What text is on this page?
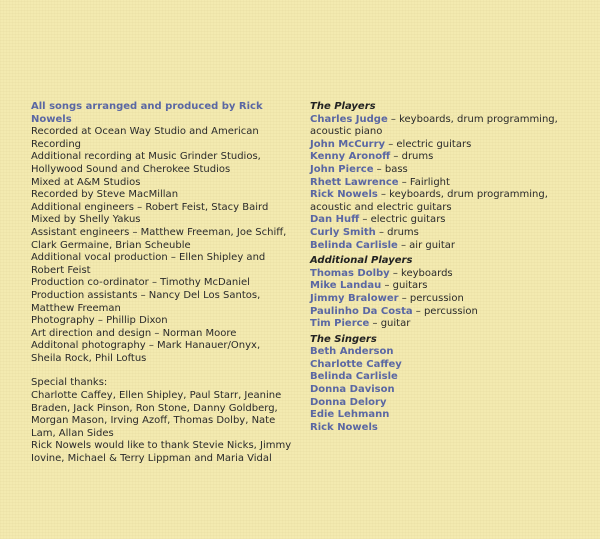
All songs arranged and produced by Rick Nowels
Recorded at Ocean Way Studio and American Recording
Additional recording at Music Grinder Studios, Hollywood Sound and Cherokee Studios
Mixed at A&M Studios
Recorded by Steve MacMillan
Additional engineers – Robert Feist, Stacy Baird
Mixed by Shelly Yakus
Assistant engineers – Matthew Freeman, Joe Schiff, Clark Germaine, Brian Scheuble
Additional vocal production – Ellen Shipley and Robert Feist
Production co-ordinator – Timothy McDaniel
Production assistants – Nancy Del Los Santos, Matthew Freeman
Photography – Phillip Dixon
Art direction and design – Norman Moore
Additonal photography – Mark Hanauer/Onyx, Sheila Rock, Phil Loftus
Special thanks:
Charlotte Caffey, Ellen Shipley, Paul Starr, Jeanine Braden, Jack Pinson, Ron Stone, Danny Goldberg, Morgan Mason, Irving Azoff, Thomas Dolby, Nate Lam, Allan Sides
Rick Nowels would like to thank Stevie Nicks, Jimmy Iovine, Michael & Terry Lippman and Maria Vidal
The Players
Charles Judge – keyboards, drum programming, acoustic piano
John McCurry – electric guitars
Kenny Aronoff – drums
John Pierce – bass
Rhett Lawrence – Fairlight
Rick Nowels – keyboards, drum programming, acoustic and electric guitars
Dan Huff – electric guitars
Curly Smith – drums
Belinda Carlisle – air guitar
Additional Players
Thomas Dolby – keyboards
Mike Landau – guitars
Jimmy Bralower – percussion
Paulinho Da Costa – percussion
Tim Pierce – guitar
The Singers
Beth Anderson
Charlotte Caffey
Belinda Carlisle
Donna Davison
Donna Delory
Edie Lehmann
Rick Nowels
